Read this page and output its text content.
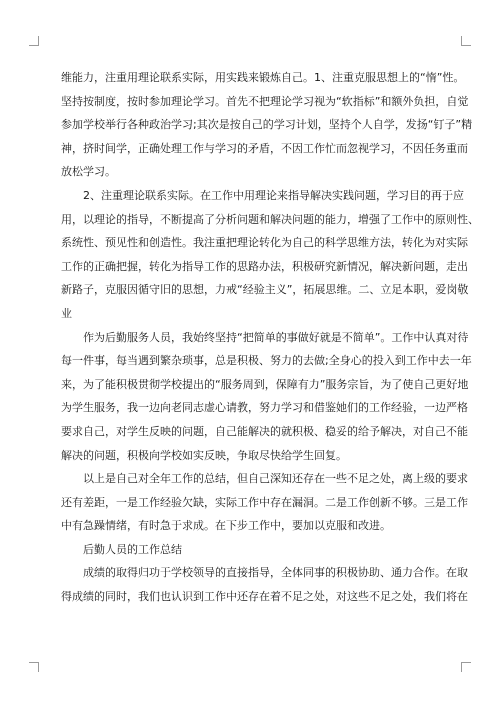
维能力，注重用理论联系实际，用实践来锻炼自己。1、注重克服思想上的“惰”性。
坚持按制度，按时参加理论学习。首先不把理论学习视为“软指标”和额外负担，自觉
参加学校举行各种政治学习;其次是按自己的学习计划，坚持个人自学，发扬“钉子”精
神，挤时间学，正确处理工作与学习的矛盾，不因工作忙而忽视学习，不因任务重而
放松学习。
2、注重理论联系实际。在工作中用理论来指导解决实践问题，学习目的再于应
用，以理论的指导，不断提高了分析问题和解决问题的能力，增强了工作中的原则性、
系统性、预见性和创造性。我注重把理论转化为自己的科学思维方法，转化为对实际
工作的正确把握，转化为指导工作的思路办法，积极研究新情况，解决新问题，走出
新路子，克服因循守旧的思想，力戒“经验主义”，拓展思维。二、立足本职，爱岗敬
业
作为后勤服务人员，我始终坚持“把简单的事做好就是不简单”。工作中认真对待
每一件事，每当遇到繁杂琐事，总是积极、努力的去做;全身心的投入到工作中去一年
来，为了能积极贯彻学校提出的“服务周到，保障有力”服务宗旨，为了使自己更好地
为学生服务，我一边向老同志虚心请教，努力学习和借鉴她们的工作经验，一边严格
要求自己，对学生反映的问题，自己能解决的就积极、稳妥的给予解决，对自己不能
解决的问题，积极向学校如实反映，争取尽快给学生回复。
以上是自己对全年工作的总结，但自己深知还存在一些不足之处，离上级的要求
还有差距，一是工作经验欠缺，实际工作中存在漏洞。二是工作创新不够。三是工作
中有急躁情绪，有时急于求成。在下步工作中，要加以克服和改进。
后勤人员的工作总结
成绩的取得归功于学校领导的直接指导，全体同事的积极协助、通力合作。在取
得成绩的同时，我们也认识到工作中还存在着不足之处，对这些不足之处，我们将在
